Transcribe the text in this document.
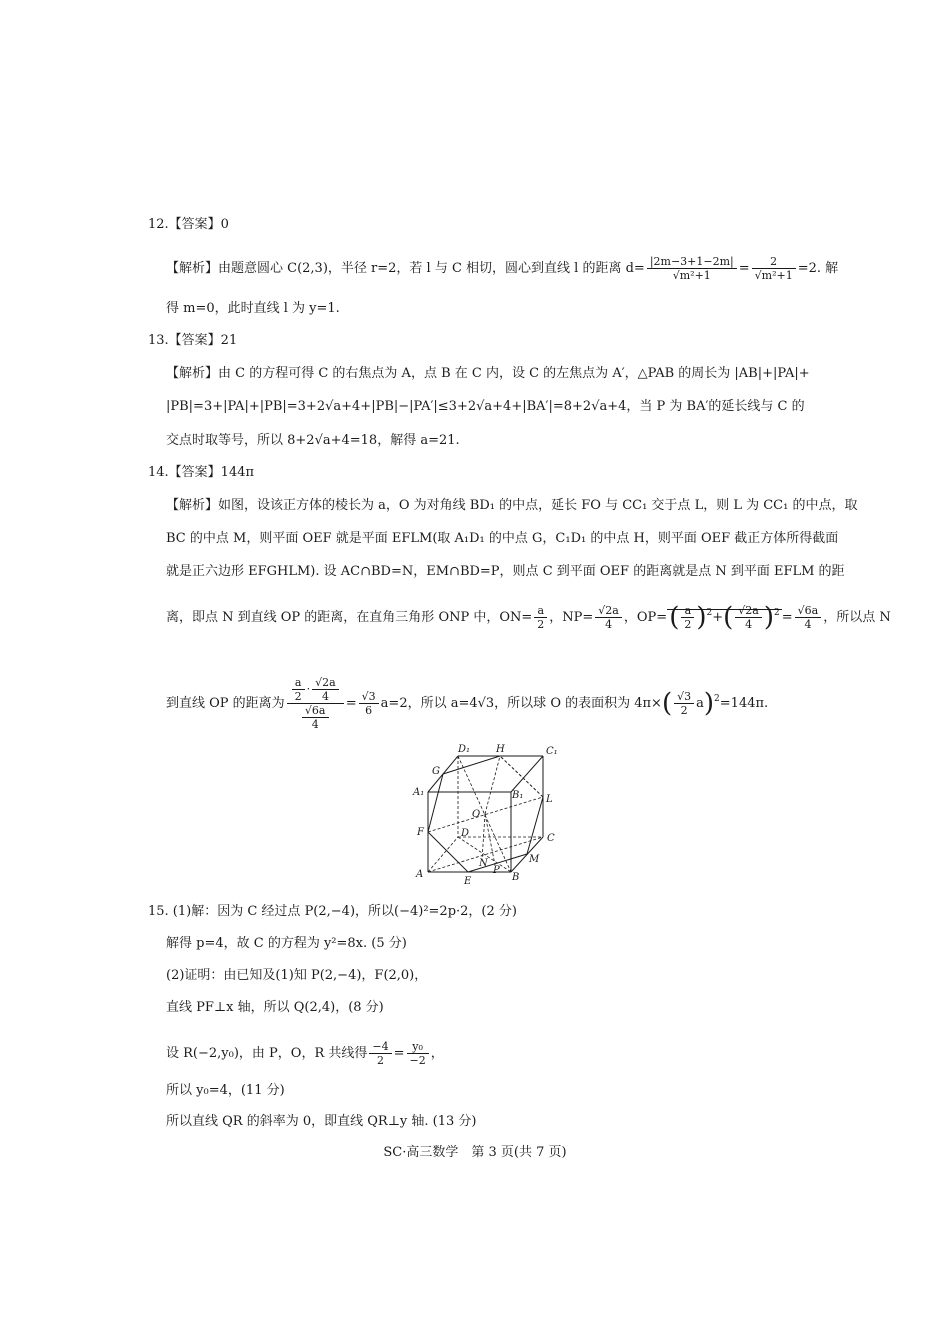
12.【答案】0
【解析】由题意圆心 C(2,3)，半径 r=2，若 l 与 C 相切，圆心到直线 l 的距离 $d= \frac{|2m-3+1-2m|}{\text{√m²+1}} = \frac{2}{\text{√m²+1}} =2$. 解
得 m=0，此时直线 l 为 y=1.
13.【答案】21
【解析】由 C 的方程可得 C 的右焦点为 A，点 B 在 C 内，设 C 的左焦点为 A′，△PAB 的周长为 |AB|+|PA|+
|PB|=3+|PA|+|PB|=3+2√a+4+|PB|−|PA′|≤3+2√a+4+|BA′|=8+2√a+4，当 P 为 BA′的延长线与 C 的
交点时取等号，所以 8+2√a+4=18，解得 a=21.
14.【答案】144π
【解析】如图，设该正方体的棱长为 a，O 为对角线 BD₁ 的中点，延长 FO 与 CC₁ 交于点 L，则 L 为 CC₁ 的中点，取
BC 的中点 M，则平面 OEF 就是平面 EFLM(取 A₁D₁ 的中点 G，C₁D₁ 的中点 H，则平面 OEF 截正方体所得截面
就是正六边形 EFGHLM). 设 AC∩BD=N，EM∩BD=P，则点 C 到平面 OEF 的距离就是点 N 到平面 EFLM 的距
离，即点 N 到直线 OP 的距离，在直角三角形 ONP 中，$ON= \frac{a}{2}$ ，$NP= \frac{√2a}{4}$ ，$OP=( \frac{a}{2} )^2+( \frac{√2a}{4} )^2 = \frac{√6a}{4}$ ，所以点 N
到直线 OP 的距离为 $\frac{\frac{a}{2} \cdot \frac{√2a}{4}}{\frac{√6a}{4}} = \frac{√3}{6} a=2$，所以 a=4√3，所以球 O 的表面积为 $4\pi\times( \frac{√3}{2} a)^2=144\pi$.
D₁	H	C₁
G
A₁	B₁ L
O
D
F
C
M
N
P
A
E	B
15. (1)解：因为 C 经过点 P(2,−4)，所以(−4)²=2p·2，(2 分)
解得 p=4，故 C 的方程为 y²=8x. (5 分)
(2)证明：由已知及(1)知 P(2,−4)，F(2,0)，
直线 PF⊥x 轴，所以 Q(2,4)，(8 分)
设 R(−2,y₀)，由 P，O，R 共线得 $\frac{-4}{2} = \frac{\text{y₀}}{-2}$ ，
所以 y₀=4，(11 分)
所以直线 QR 的斜率为 0，即直线 QR⊥y 轴. (13 分)
SC·高三数学　第 3 页(共 7 页)
